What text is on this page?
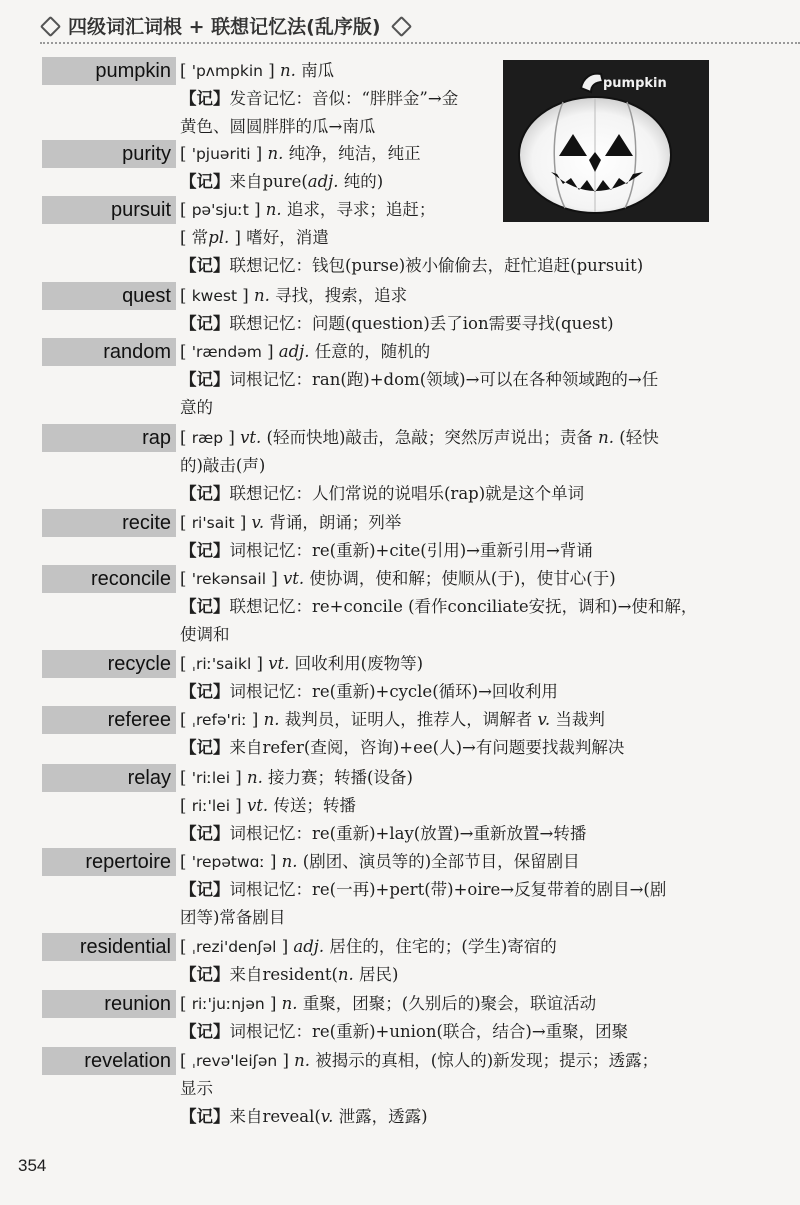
四级词汇词根 + 联想记忆法(乱序版)
pumpkin
pumpkin [ 'pʌmpkin ] n. 南瓜
【记】发音记忆：音似：“胖胖金”→金
黄色、圆圆胖胖的瓜→南瓜
purity [ 'pjuəriti ] n. 纯净，纯洁，纯正
【记】来自pure(adj. 纯的)
pursuit [ pə'sjuːt ] n. 追求，寻求；追赶；
[ 常pl. ] 嗜好，消遣
【记】联想记忆：钱包(purse)被小偷偷去，赶忙追赶(pursuit)
quest [ kwest ] n. 寻找，搜索，追求
【记】联想记忆：问题(question)丢了ion需要寻找(quest)
random [ 'rændəm ] adj. 任意的，随机的
【记】词根记忆：ran(跑)+dom(领域)→可以在各种领域跑的→任
意的
rap [ ræp ] vt. (轻而快地)敲击，急敲；突然厉声说出；责备 n. (轻快
的)敲击(声)
【记】联想记忆：人们常说的说唱乐(rap)就是这个单词
recite [ ri'sait ] v. 背诵，朗诵；列举
【记】词根记忆：re(重新)+cite(引用)→重新引用→背诵
reconcile [ 'rekənsail ] vt. 使协调，使和解；使顺从(于)，使甘心(于)
【记】联想记忆：re+concile (看作conciliate安抚，调和)→使和解，
使调和
recycle [ ˌriː'saikl ] vt. 回收利用(废物等)
【记】词根记忆：re(重新)+cycle(循环)→回收利用
referee [ ˌrefə'riː ] n. 裁判员，证明人，推荐人，调解者 v. 当裁判
【记】来自refer(查阅，咨询)+ee(人)→有问题要找裁判解决
relay [ 'riːlei ] n. 接力赛；转播(设备)
[ riː'lei ] vt. 传送；转播
【记】词根记忆：re(重新)+lay(放置)→重新放置→转播
repertoire [ 'repətwɑː ] n. (剧团、演员等的)全部节目，保留剧目
【记】词根记忆：re(一再)+pert(带)+oire→反复带着的剧目→(剧
团等)常备剧目
residential [ ˌrezi'denʃəl ] adj. 居住的，住宅的；(学生)寄宿的
【记】来自resident(n. 居民)
reunion [ riː'juːnjən ] n. 重聚，团聚；(久别后的)聚会，联谊活动
【记】词根记忆：re(重新)+union(联合，结合)→重聚，团聚
revelation [ ˌrevə'leiʃən ] n. 被揭示的真相，(惊人的)新发现；提示；透露；
显示
【记】来自reveal(v. 泄露，透露)
354
